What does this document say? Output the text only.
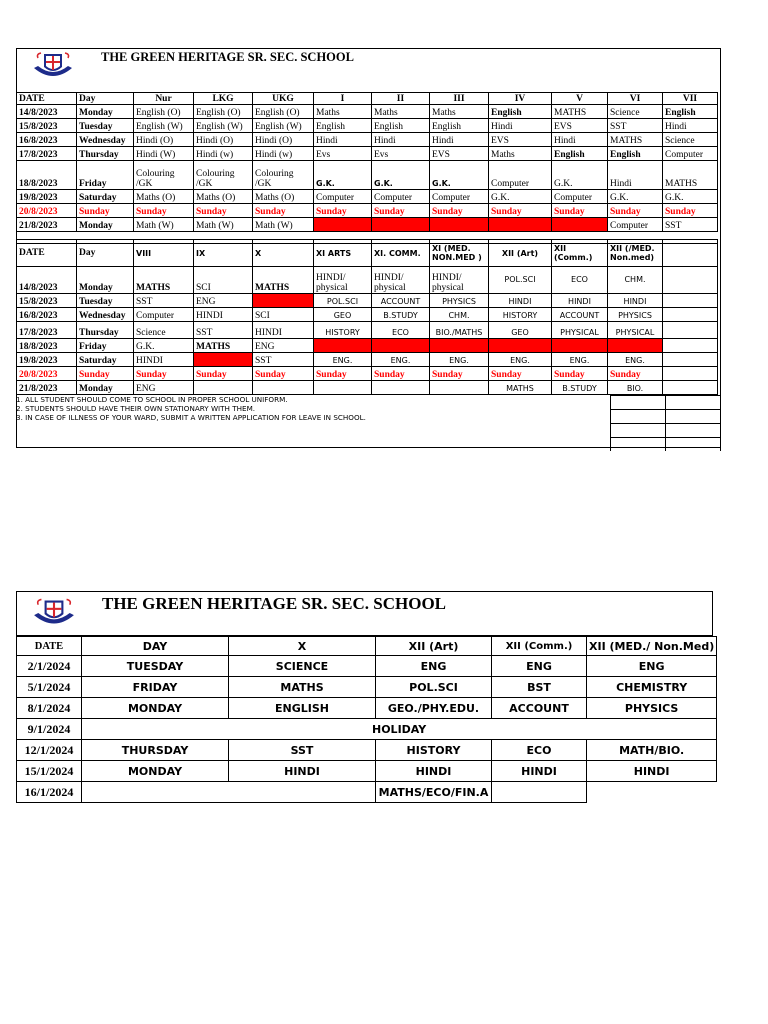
THE GREEN HERITAGE SR. SEC. SCHOOL
DATE	Day	Nur	LKG	UKG	I	II	III	IV	V	VI	VII
14/8/2023	Monday	English (O)	English (O)	English (O)	Maths	Maths	Maths	English	MATHS	Science	English
15/8/2023	Tuesday	English (W)	English (W)	English (W)	English	English	English	Hindi	EVS	SST	Hindi
16/8/2023	Wednesday	Hindi (O)	Hindi (O)	Hindi (O)	Hindi	Hindi	Hindi	EVS	Hindi	MATHS	Science
17/8/2023	Thursday	Hindi (W)	Hindi (w)	Hindi (w)	Evs	Evs	EVS	Maths	English	English	Computer
18/8/2023	Friday	Colouring /GK	Colouring /GK	Colouring /GK	G.K.	G.K.	G.K.	Computer	G.K.	Hindi	MATHS
19/8/2023	Saturday	Maths (O)	Maths (O)	Maths (O)	Computer	Computer	Computer	G.K.	Computer	G.K.	G.K.
20/8/2023	Sunday	Sunday	Sunday	Sunday	Sunday	Sunday	Sunday	Sunday	Sunday	Sunday	Sunday
21/8/2023	Monday	Math (W)	Math (W)	Math (W)						Computer	SST

DATE	Day	VIII	IX	X	XI ARTS	XI. COMM.	XI (MED. NON.MED )	XII (Art)	XII (Comm.)	XII (/MED. Non.med)	
14/8/2023	Monday	MATHS	SCI	MATHS	HINDI/ physical	HINDI/ physical	HINDI/ physical	POL.SCI	ECO	CHM.	
15/8/2023	Tuesday	SST	ENG		POL.SCI	ACCOUNT	PHYSICS	HINDI	HINDI	HINDI	
16/8/2023	Wednesday	Computer	HINDI	SCI	GEO	B.STUDY	CHM.	HISTORY	ACCOUNT	PHYSICS	
17/8/2023	Thursday	Science	SST	HINDI	HISTORY	ECO	BIO./MATHS	GEO	PHYSICAL	PHYSICAL	
18/8/2023	Friday	G.K.	MATHS	ENG							
19/8/2023	Saturday	HINDI		SST	ENG.	ENG.	ENG.	ENG.	ENG.	ENG.	
20/8/2023	Sunday	Sunday	Sunday	Sunday	Sunday	Sunday	Sunday	Sunday	Sunday	Sunday	
21/8/2023	Monday	ENG						MATHS	B.STUDY	BIO.	
1. ALL STUDENT SHOULD COME TO SCHOOL IN PROPER SCHOOL UNIFORM.
2. STUDENTS SHOULD HAVE THEIR OWN STATIONARY WITH THEM.
3. IN CASE OF ILLNESS OF YOUR WARD, SUBMIT A WRITTEN APPLICATION FOR LEAVE IN SCHOOL.

THE GREEN HERITAGE SR. SEC. SCHOOL
DATE	DAY	X	XII (Art)	XII (Comm.)	XII (MED./ Non.Med)
2/1/2024	TUESDAY	SCIENCE	ENG	ENG	ENG
5/1/2024	FRIDAY	MATHS	POL.SCI	BST	CHEMISTRY
8/1/2024	MONDAY	ENGLISH	GEO./PHY.EDU.	ACCOUNT	PHYSICS
9/1/2024	HOLIDAY				
12/1/2024	THURSDAY	SST	HISTORY	ECO	MATH/BIO.
15/1/2024	MONDAY	HINDI	HINDI	HINDI	HINDI
16/1/2024			MATHS/ECO/FIN.A		
